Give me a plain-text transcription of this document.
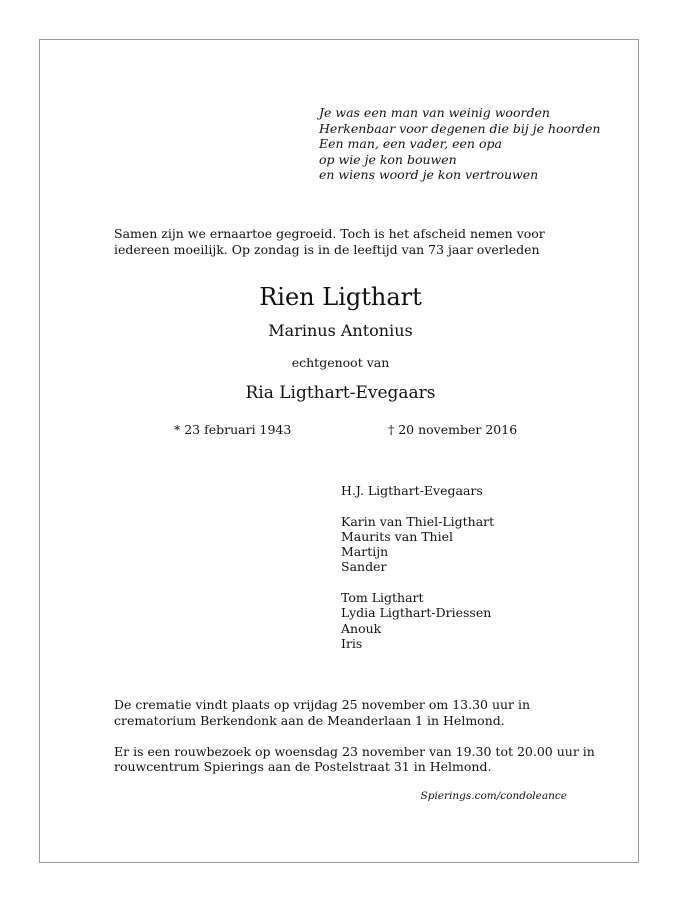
Je was een man van weinig woorden
Herkenbaar voor degenen die bij je hoorden
Een man, een vader, een opa
op wie je kon bouwen
en wiens woord je kon vertrouwen
Samen zijn we ernaartoe gegroeid. Toch is het afscheid nemen voor
iedereen moeilijk. Op zondag is in de leeftijd van 73 jaar overleden
Rien Ligthart
Marinus Antonius
echtgenoot van
Ria Ligthart-Evegaars
* 23 februari 1943	† 20 november 2016
H.J. Ligthart-Evegaars
Karin van Thiel-Ligthart
Maurits van Thiel
Martijn
Sander
Tom Ligthart
Lydia Ligthart-Driessen
Anouk
Iris
De crematie vindt plaats op vrijdag 25 november om 13.30 uur in
crematorium Berkendonk aan de Meanderlaan 1 in Helmond.
Er is een rouwbezoek op woensdag 23 november van 19.30 tot 20.00 uur in
rouwcentrum Spierings aan de Postelstraat 31 in Helmond.
Spierings.com/condoleance
